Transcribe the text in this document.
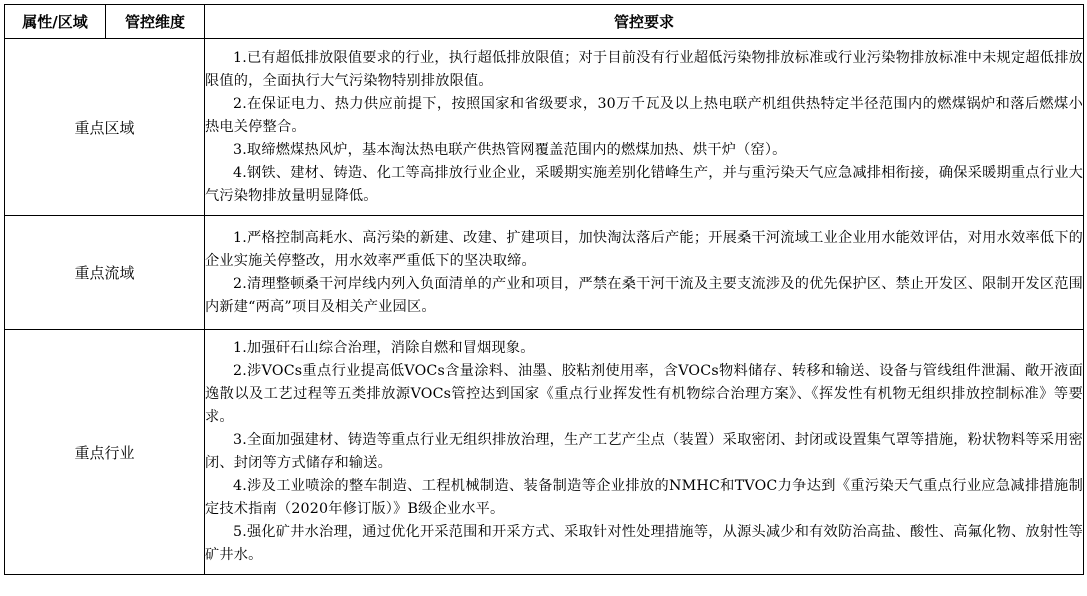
属性/区域	管控维度	管控要求
重点区域		1.已有超低排放限值要求的行业，执行超低排放限值；对于目前没有行业超低污染物排放标准或行业污染物排放标准中未规定超低排放限值的，全面执行大气污染物特别排放限值。

2.在保证电力、热力供应前提下，按照国家和省级要求，30万千瓦及以上热电联产机组供热特定半径范围内的燃煤锅炉和落后燃煤小热电关停整合。

3.取缔燃煤热风炉，基本淘汰热电联产供热管网覆盖范围内的燃煤加热、烘干炉（窑）。

4.钢铁、建材、铸造、化工等高排放行业企业，采暖期实施差别化错峰生产，并与重污染天气应急减排相衔接，确保采暖期重点行业大气污染物排放量明显降低。

重点流域		1.严格控制高耗水、高污染的新建、改建、扩建项目，加快淘汰落后产能；开展桑干河流域工业企业用水能效评估，对用水效率低下的企业实施关停整改，用水效率严重低下的坚决取缔。

2.清理整顿桑干河岸线内列入负面清单的产业和项目，严禁在桑干河干流及主要支流涉及的优先保护区、禁止开发区、限制开发区范围内新建“两高”项目及相关产业园区。

重点行业		1.加强矸石山综合治理，消除自燃和冒烟现象。

2.涉VOCs重点行业提高低VOCs含量涂料、油墨、胶粘剂使用率，含VOCs物料储存、转移和输送、设备与管线组件泄漏、敞开液面逸散以及工艺过程等五类排放源VOCs管控达到国家《重点行业挥发性有机物综合治理方案》、《挥发性有机物无组织排放控制标准》等要求。

3.全面加强建材、铸造等重点行业无组织排放治理，生产工艺产尘点（装置）采取密闭、封闭或设置集气罩等措施，粉状物料等采用密闭、封闭等方式储存和输送。

4.涉及工业喷涂的整车制造、工程机械制造、装备制造等企业排放的NMHC和TVOC力争达到《重污染天气重点行业应急减排措施制定技术指南（2020年修订版）》B级企业水平。

5.强化矿井水治理，通过优化开采范围和开采方式、采取针对性处理措施等，从源头减少和有效防治高盐、酸性、高氟化物、放射性等矿井水。
